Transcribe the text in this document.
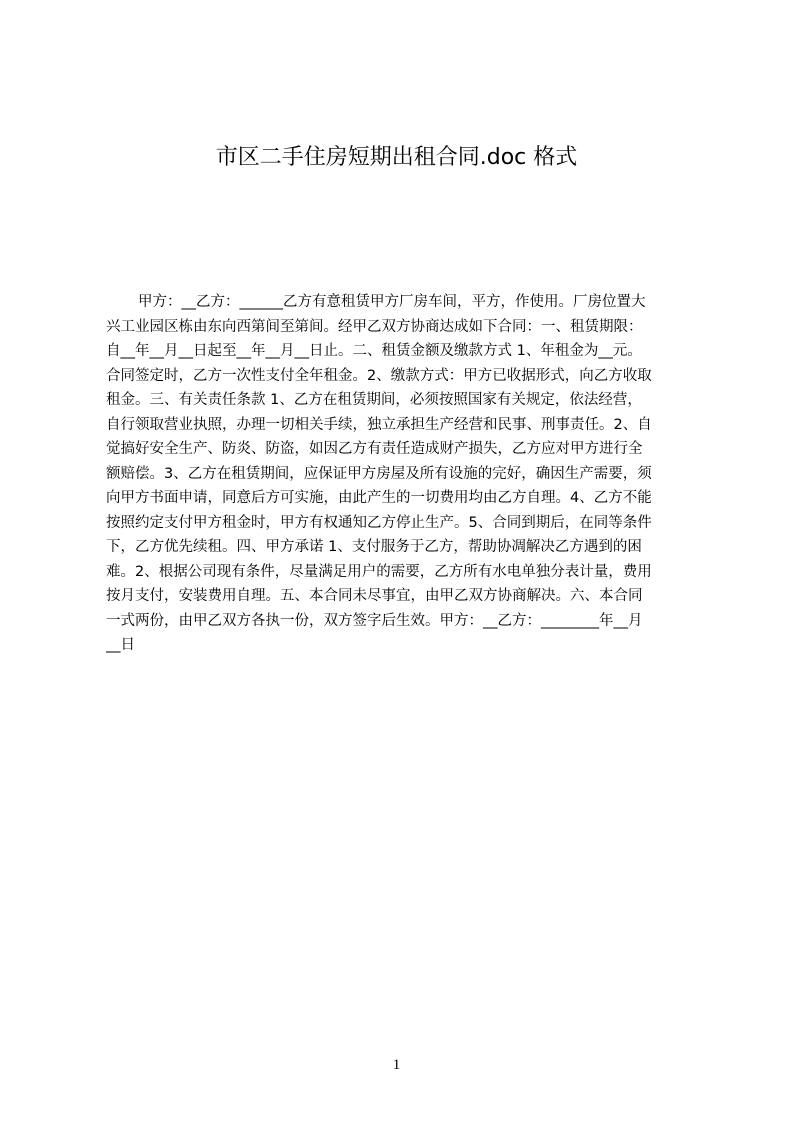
市区二手住房短期出租合同.doc 格式
甲方：__乙方：______乙方有意租赁甲方厂房车间，平方，作使用。厂房位置大
兴工业园区栋由东向西第间至第间。经甲乙双方协商达成如下合同：一、租赁期限：
自__年__月__日起至__年__月__日止。二、租赁金额及缴款方式 1、年租金为__元。
合同签定时，乙方一次性支付全年租金。2、缴款方式：甲方已收据形式，向乙方收取
租金。三、有关责任条款 1、乙方在租赁期间，必须按照国家有关规定，依法经营，
自行领取营业执照，办理一切相关手续，独立承担生产经营和民事、刑事责任。2、自
觉搞好安全生产、防炎、防盗，如因乙方有责任造成财产损失，乙方应对甲方进行全
额赔偿。3、乙方在租赁期间，应保证甲方房屋及所有设施的完好，确因生产需要，须
向甲方书面申请，同意后方可实施，由此产生的一切费用均由乙方自理。4、乙方不能
按照约定支付甲方租金时，甲方有权通知乙方停止生产。5、合同到期后，在同等条件
下，乙方优先续租。四、甲方承诺 1、支付服务于乙方，帮助协凋解决乙方遇到的困
难。2、根据公司现有条件，尽量满足用户的需要，乙方所有水电单独分表计量，费用
按月支付，安装费用自理。五、本合同未尽事宜，由甲乙双方协商解决。六、本合同
一式两份，由甲乙双方各执一份，双方签字后生效。甲方：__乙方：________年__月
__日
1
